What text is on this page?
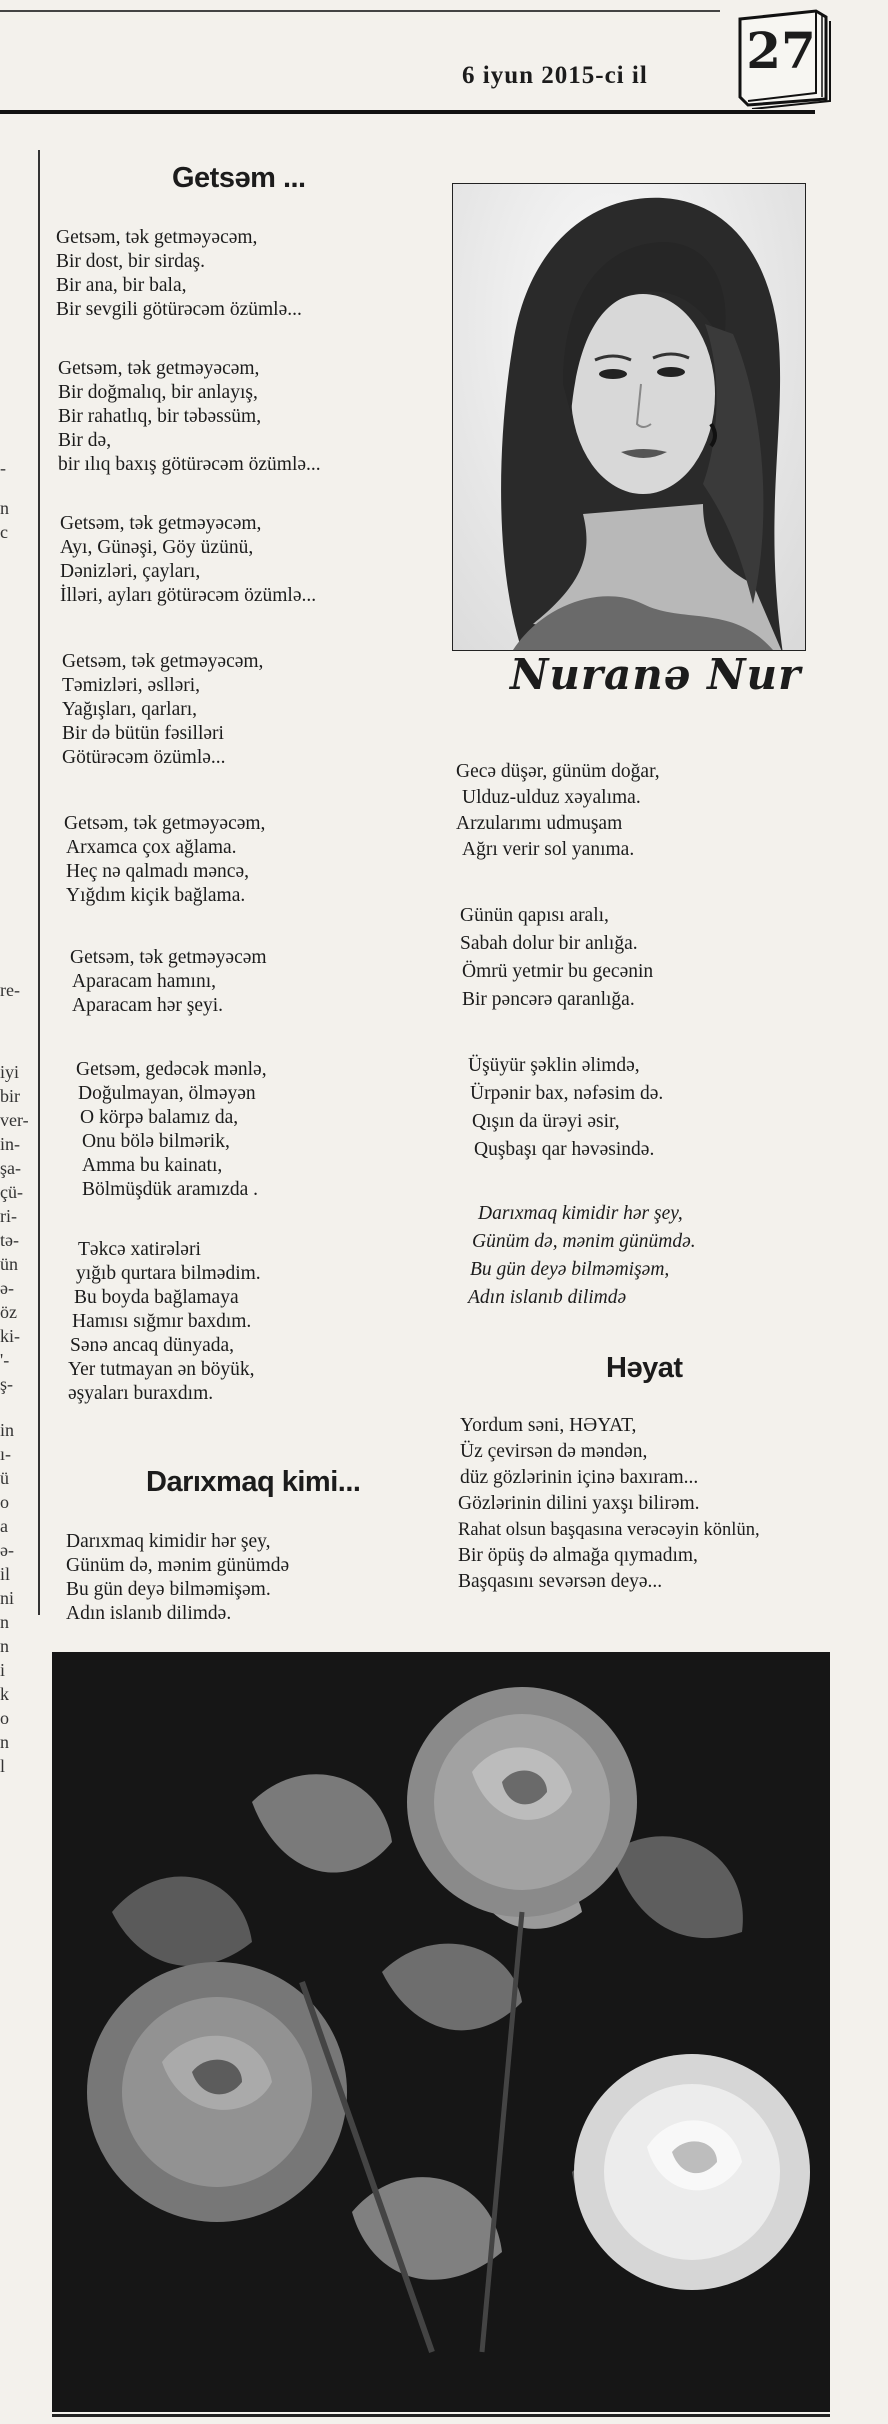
6 iyun 2015-ci il 27
-
n
c
re-
iyi
bir
ver-
in-
şa-
çü-
ri-
tə-
ün
ə-
öz
ki-
'-
ş-
in
ı-
ü
o
a
ə-
il
ni
n
n
i
k
o
n
l
Getsəm ...
Getsəm, tək getməyəcəm,
Bir dost, bir sirdaş.
Bir ana, bir bala,
Bir sevgili götürəcəm özümlə...
Getsəm, tək getməyəcəm,
Bir doğmalıq, bir anlayış,
Bir rahatlıq, bir təbəssüm,
Bir də,
bir ılıq baxış götürəcəm özümlə...
Getsəm, tək getməyəcəm,
Ayı, Günəşi, Göy üzünü,
Dənizləri, çayları,
İlləri, ayları götürəcəm özümlə...
Getsəm, tək getməyəcəm,
Təmizləri, əslləri,
Yağışları, qarları,
Bir də bütün fəsilləri
Götürəcəm özümlə...
Getsəm, tək getməyəcəm,
Arxamca çox ağlama.
Heç nə qalmadı məncə,
Yığdım kiçik bağlama.
Getsəm, tək getməyəcəm
Aparacam hamını,
Aparacam hər şeyi.
Getsəm, gedəcək mənlə,
Doğulmayan, ölməyən
O körpə balamız da,
Onu bölə bilmərik,
Amma bu kainatı,
Bölmüşdük aramızda .
Təkcə xatirələri
yığıb qurtara bilmədim.
Bu boyda bağlamaya
Hamısı sığmır baxdım.
Sənə ancaq dünyada,
Yer tutmayan ən böyük,
əşyaları buraxdım.
Darıxmaq kimi...
Darıxmaq kimidir hər şey,
Günüm də, mənim günümdə
Bu gün deyə bilməmişəm.
Adın islanıb dilimdə.
Nuranə Nur
Gecə düşər, günüm doğar,
Ulduz-ulduz xəyalıma.
Arzularımı udmuşam
Ağrı verir sol yanıma.
Günün qapısı aralı,
Sabah dolur bir anlığa.
Ömrü yetmir bu gecənin
Bir pəncərə qaranlığa.
Üşüyür şəklin əlimdə,
Ürpənir bax, nəfəsim də.
Qışın da ürəyi əsir,
Quşbaşı qar həvəsində.
Darıxmaq kimidir hər şey,
Günüm də, mənim günümdə.
Bu gün deyə bilməmişəm,
Adın islanıb dilimdə
Həyat
Yordum səni, HƏYAT,
Üz çevirsən də məndən,
düz gözlərinin içinə baxıram...
Gözlərinin dilini yaxşı bilirəm.
Rahat olsun başqasına verəcəyin könlün,
Bir öpüş də almağa qıymadım,
Başqasını sevərsən deyə...
